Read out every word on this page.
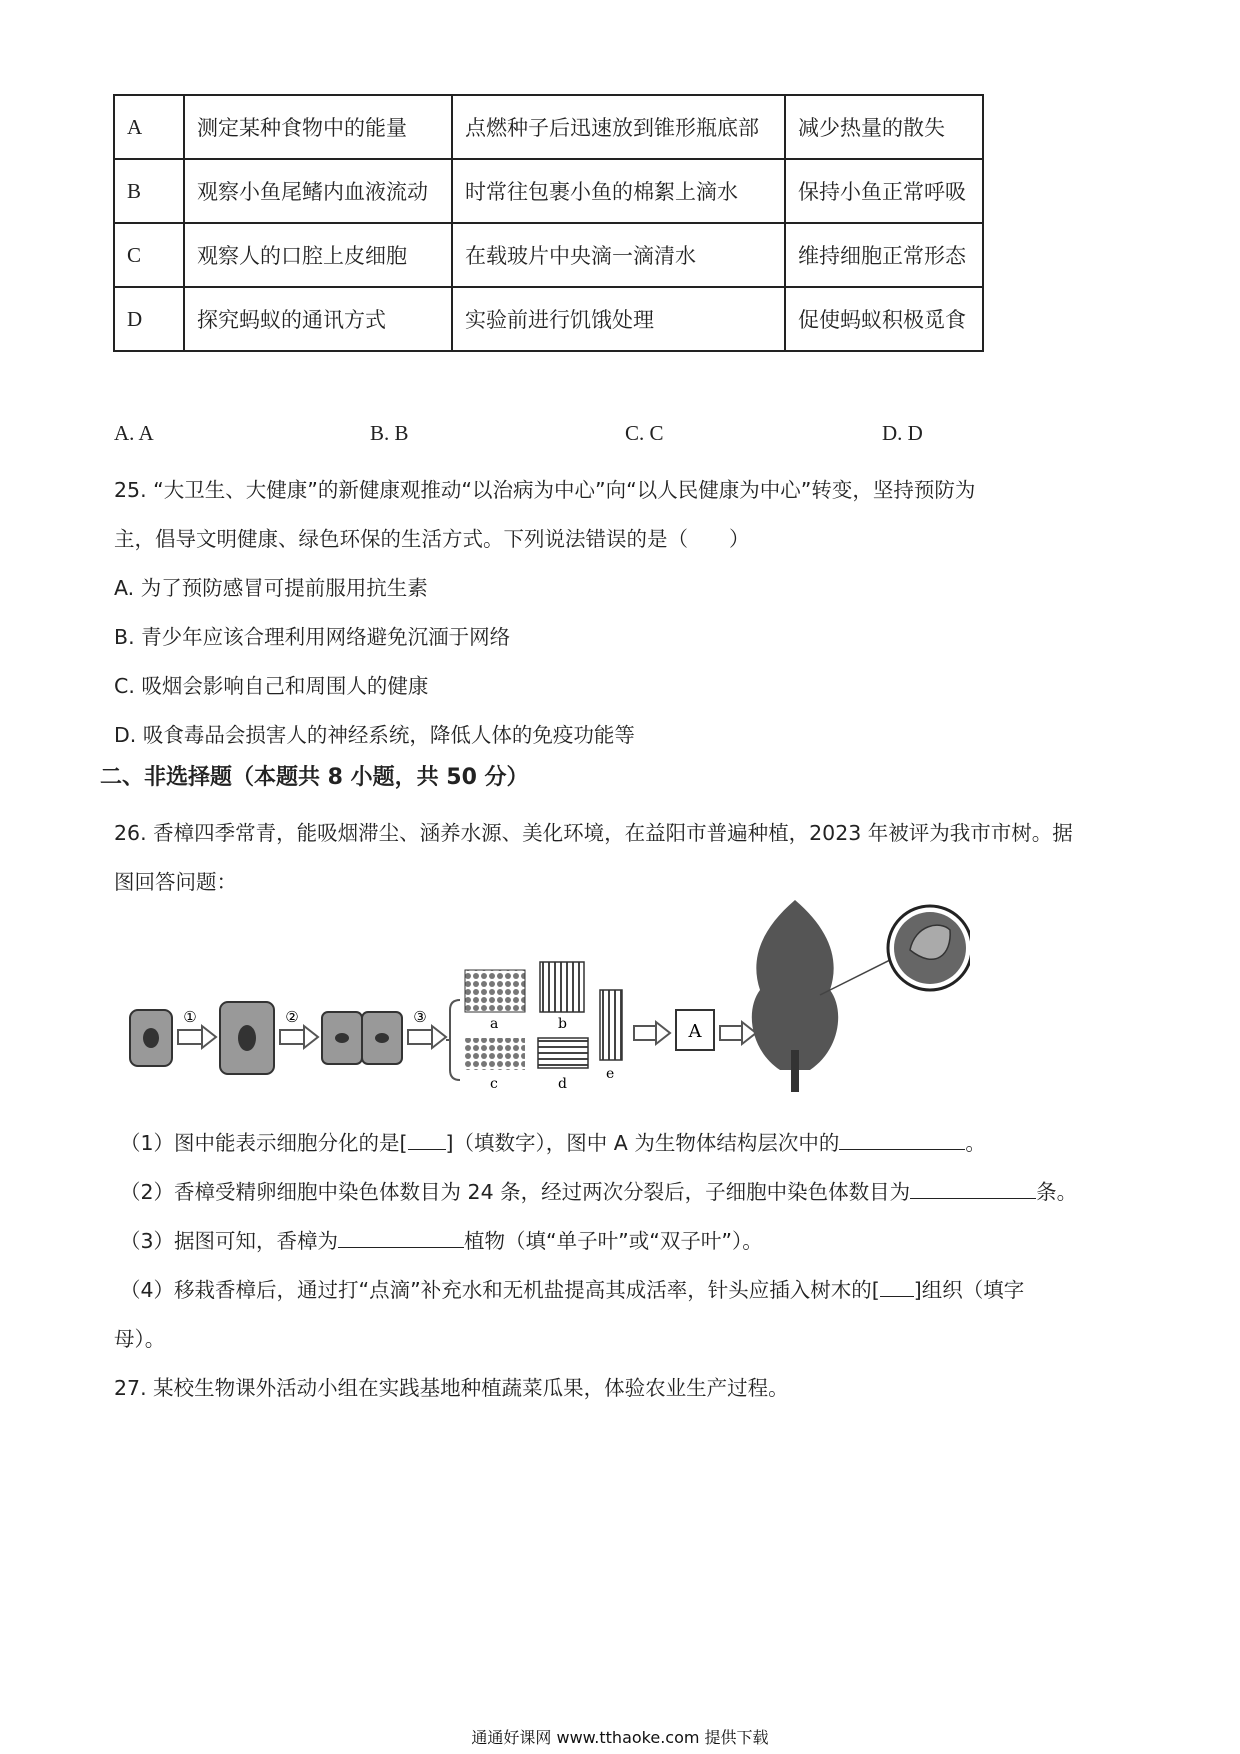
A	测定某种食物中的能量	点燃种子后迅速放到锥形瓶底部	减少热量的散失
B	观察小鱼尾鳍内血液流动	时常往包裹小鱼的棉絮上滴水	保持小鱼正常呼吸
C	观察人的口腔上皮细胞	在载玻片中央滴一滴清水	维持细胞正常形态
D	探究蚂蚁的通讯方式	实验前进行饥饿处理	促使蚂蚁积极觅食
A. A	B. B	C. C	D. D
25. “大卫生、大健康”的新健康观推动“以治病为中心”向“以人民健康为中心”转变，坚持预防为
主，倡导文明健康、绿色环保的生活方式。下列说法错误的是（　　）
A. 为了预防感冒可提前服用抗生素
B. 青少年应该合理利用网络避免沉湎于网络
C. 吸烟会影响自己和周围人的健康
D. 吸食毒品会损害人的神经系统，降低人体的免疫功能等
二、非选择题（本题共 8 小题，共 50 分）
26. 香樟四季常青，能吸烟滞尘、涵养水源、美化环境，在益阳市普遍种植，2023 年被评为我市市树。据
图回答问题：
①	②	③	a	b
c	d
e
A
（1）图中能表示细胞分化的是[ ]（填数字），图中 A 为生物体结构层次中的	。
（2）香樟受精卵细胞中染色体数目为 24 条，经过两次分裂后，子细胞中染色体数目为	条。
（3）据图可知，香樟为	植物（填“单子叶”或“双子叶”）。
（4）移栽香樟后，通过打“点滴”补充水和无机盐提高其成活率，针头应插入树木的[ ]组织（填字
母）。
27. 某校生物课外活动小组在实践基地种植蔬菜瓜果，体验农业生产过程。
通通好课网 www.tthaoke.com 提供下载
